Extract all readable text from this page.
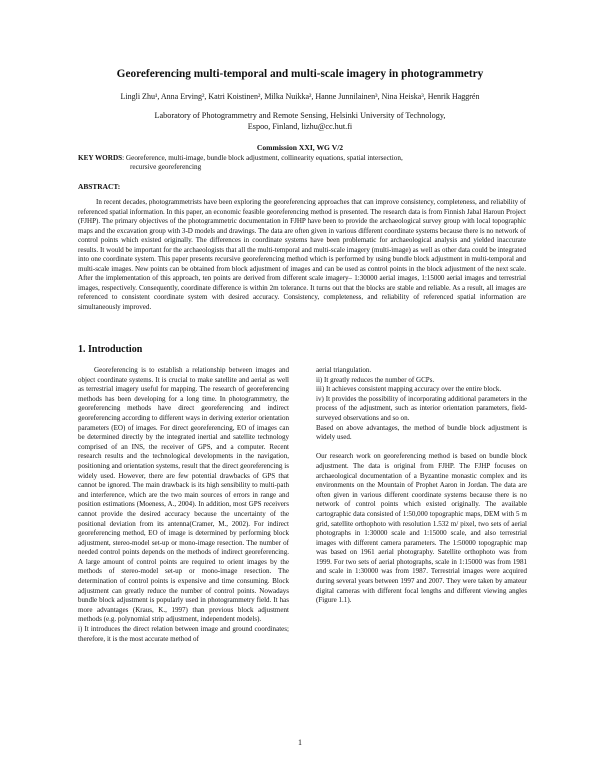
Georeferencing multi-temporal and multi-scale imagery in photogrammetry
Lingli Zhu¹, Anna Erving², Katri Koistinen², Milka Nuikka², Hanne Junnilainen³, Nina Heiska³, Henrik Haggrén
Laboratory of Photogrammetry and Remote Sensing, Helsinki University of Technology,
Espoo, Finland, lizhu@cc.hut.fi
Commission XXI, WG V/2
KEY WORDS: Georeference, multi-image, bundle block adjustment, collinearity equations, spatial intersection,
recursive georeferencing
ABSTRACT:

In recent decades, photogrammetrists have been exploring the georeferencing approaches that can improve consistency, completeness, and reliability of referenced spatial information. In this paper, an economic feasible georeferencing method is presented. The research data is from Finnish Jabal Haroun Project (FJHP). The primary objectives of the photogrammetric documentation in FJHP have been to provide the archaeological survey group with local topographic maps and the excavation group with 3-D models and drawings. The data are often given in various different coordinate systems because there is no network of control points which existed originally. The differences in coordinate systems have been problematic for archaeological analysis and yielded inaccurate results. It would be important for the archaeologists that all the multi-temporal and multi-scale imagery (multi-image) as well as other data could be integrated into one coordinate system. This paper presents recursive georeferencing method which is performed by using bundle block adjustment in multi-temporal and multi-scale images. New points can be obtained from block adjustment of images and can be used as control points in the block adjustment of the next scale. After the implementation of this approach, ten points are derived from different scale imagery– 1:30000 aerial images, 1:15000 aerial images and terrestrial images, respectively. Consequently, coordinate difference is within 2m tolerance. It turns out that the blocks are stable and reliable. As a result, all images are referenced to consistent coordinate system with desired accuracy. Consistency, completeness, and reliability of referenced spatial information are simultaneously improved.

1. Introduction

Georeferencing is to establish a relationship between images and object coordinate systems. It is crucial to make satellite and aerial as well as terrestrial imagery useful for mapping. The research of georeferencing methods has been developing for a long time. In photogrammetry, the georeferencing methods have direct georeferencing and indirect georeferencing according to different ways in deriving exterior orientation parameters (EO) of images. For direct georeferencing, EO of images can be determined directly by the integrated inertial and satellite technology comprised of an INS, the receiver of GPS, and a computer. Recent research results and the technological developments in the navigation, positioning and orientation systems, result that the direct georeferencing is widely used. However, there are few potential drawbacks of GPS that cannot be ignored. The main drawback is its high sensibility to multi-path and interference, which are the two main sources of errors in range and position estimations (Moeness, A., 2004). In addition, most GPS receivers cannot provide the desired accuracy because the uncertainty of the positional deviation from its antenna(Cramer, M., 2002). For indirect georeferencing method, EO of image is determined by performing block adjustment, stereo-model set-up or mono-image resection. The number of needed control points depends on the methods of indirect georeferencing. A large amount of control points are required to orient images by the methods of stereo-model set-up or mono-image resection. The determination of control points is expensive and time consuming. Block adjustment can greatly reduce the number of control points. Nowadays bundle block adjustment is popularly used in photogrammetry field. It has more advantages (Kraus, K., 1997) than previous block adjustment methods (e.g. polynomial strip adjustment, independent models).

i) It introduces the direct relation between image and ground coordinates; therefore, it is the most accurate method of

aerial triangulation.

ii) It greatly reduces the number of GCPs.

iii) It achieves consistent mapping accuracy over the entire block.

iv) It provides the possibility of incorporating additional parameters in the process of the adjustment, such as interior orientation parameters, field-surveyed observations and so on.

Based on above advantages, the method of bundle block adjustment is widely used.

Our research work on georeferencing method is based on bundle block adjustment. The data is original from FJHP. The FJHP focuses on archaeological documentation of a Byzantine monastic complex and its environments on the Mountain of Prophet Aaron in Jordan. The data are often given in various different coordinate systems because there is no network of control points which existed originally. The available cartographic data consisted of 1:50,000 topographic maps, DEM with 5 m grid, satellite orthophoto with resolution 1.532 m/ pixel, two sets of aerial photographs in 1:30000 scale and 1:15000 scale, and also terrestrial images with different camera parameters. The 1:50000 topographic map was based on 1961 aerial photography. Satellite orthophoto was from 1999. For two sets of aerial photographs, scale in 1:15000 was from 1981 and scale in 1:30000 was from 1987. Terrestrial images were acquired during several years between 1997 and 2007. They were taken by amateur digital cameras with different focal lengths and different viewing angles (Figure 1.1).

1
